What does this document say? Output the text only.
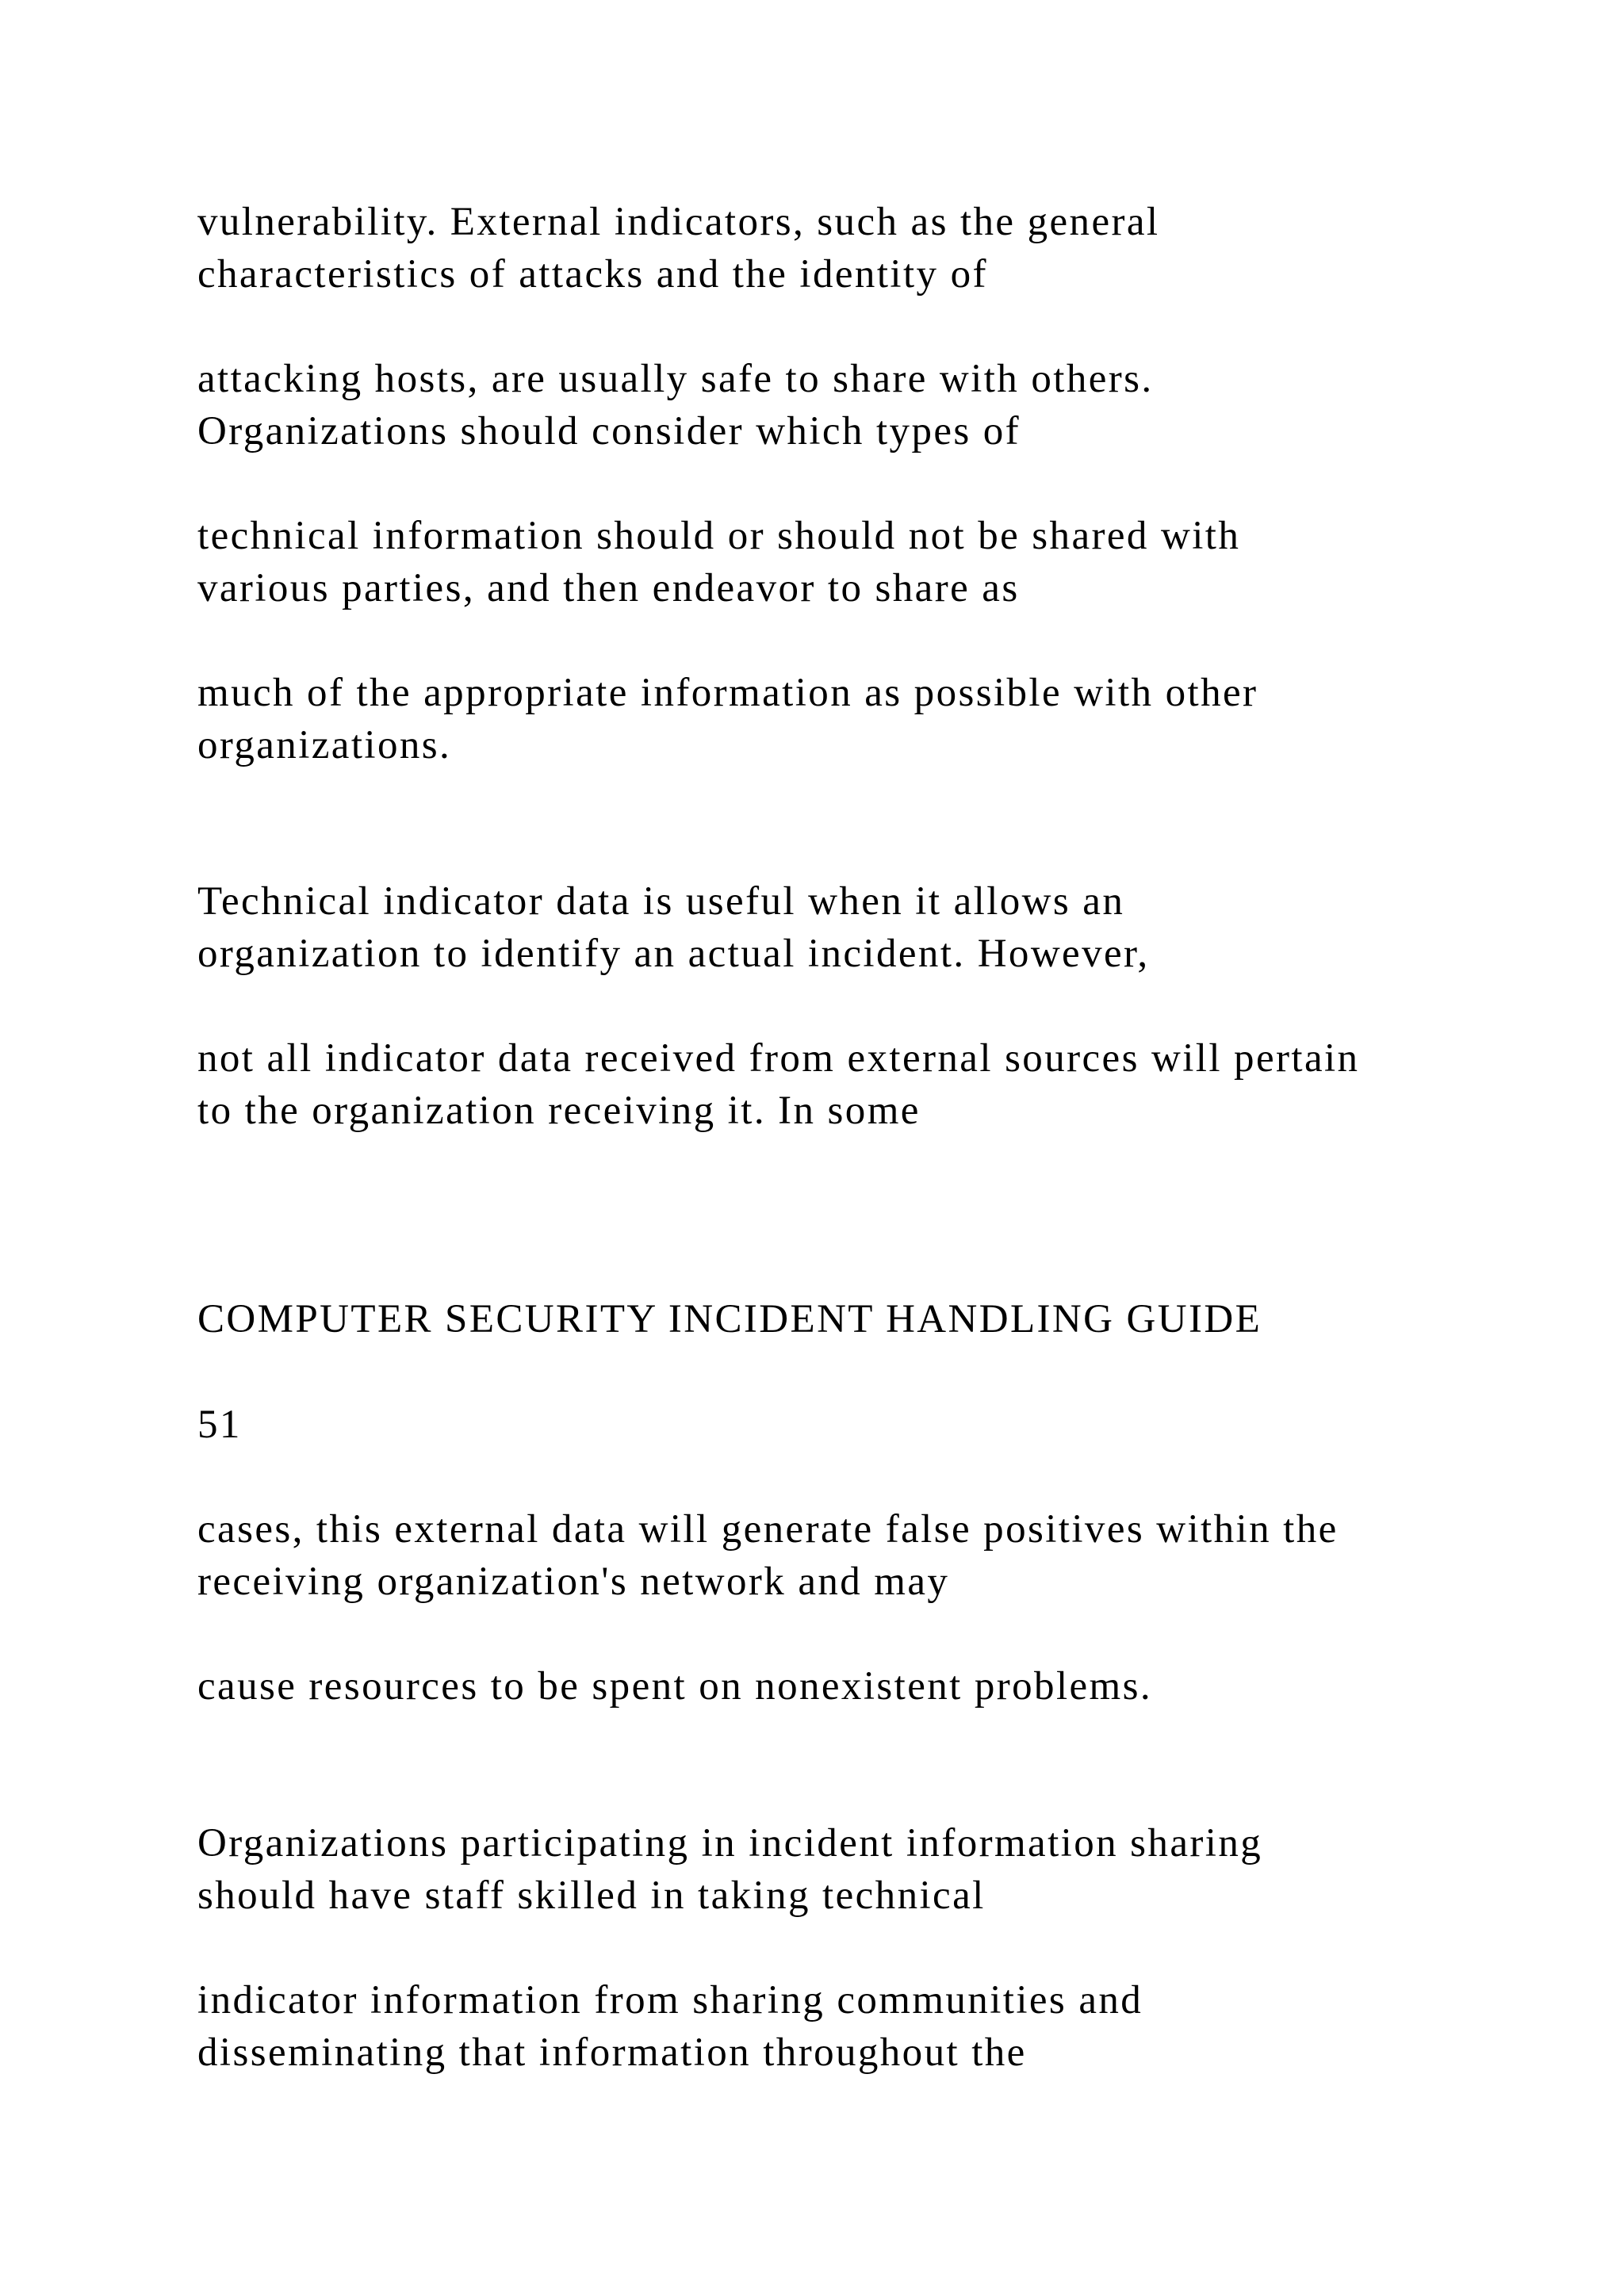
vulnerability. External indicators, such as the general

characteristics of attacks and the identity of

attacking hosts, are usually safe to share with others.

Organizations should consider which types of

technical information should or should not be shared with

various parties, and then endeavor to share as

much of the appropriate information as possible with other

organizations.

Technical indicator data is useful when it allows an

organization to identify an actual incident. However,

not all indicator data received from external sources will pertain

to the organization receiving it. In some

COMPUTER SECURITY INCIDENT HANDLING GUIDE

51

cases, this external data will generate false positives within the

receiving organization's network and may

cause resources to be spent on nonexistent problems.

Organizations participating in incident information sharing

should have staff skilled in taking technical

indicator information from sharing communities and

disseminating that information throughout the
